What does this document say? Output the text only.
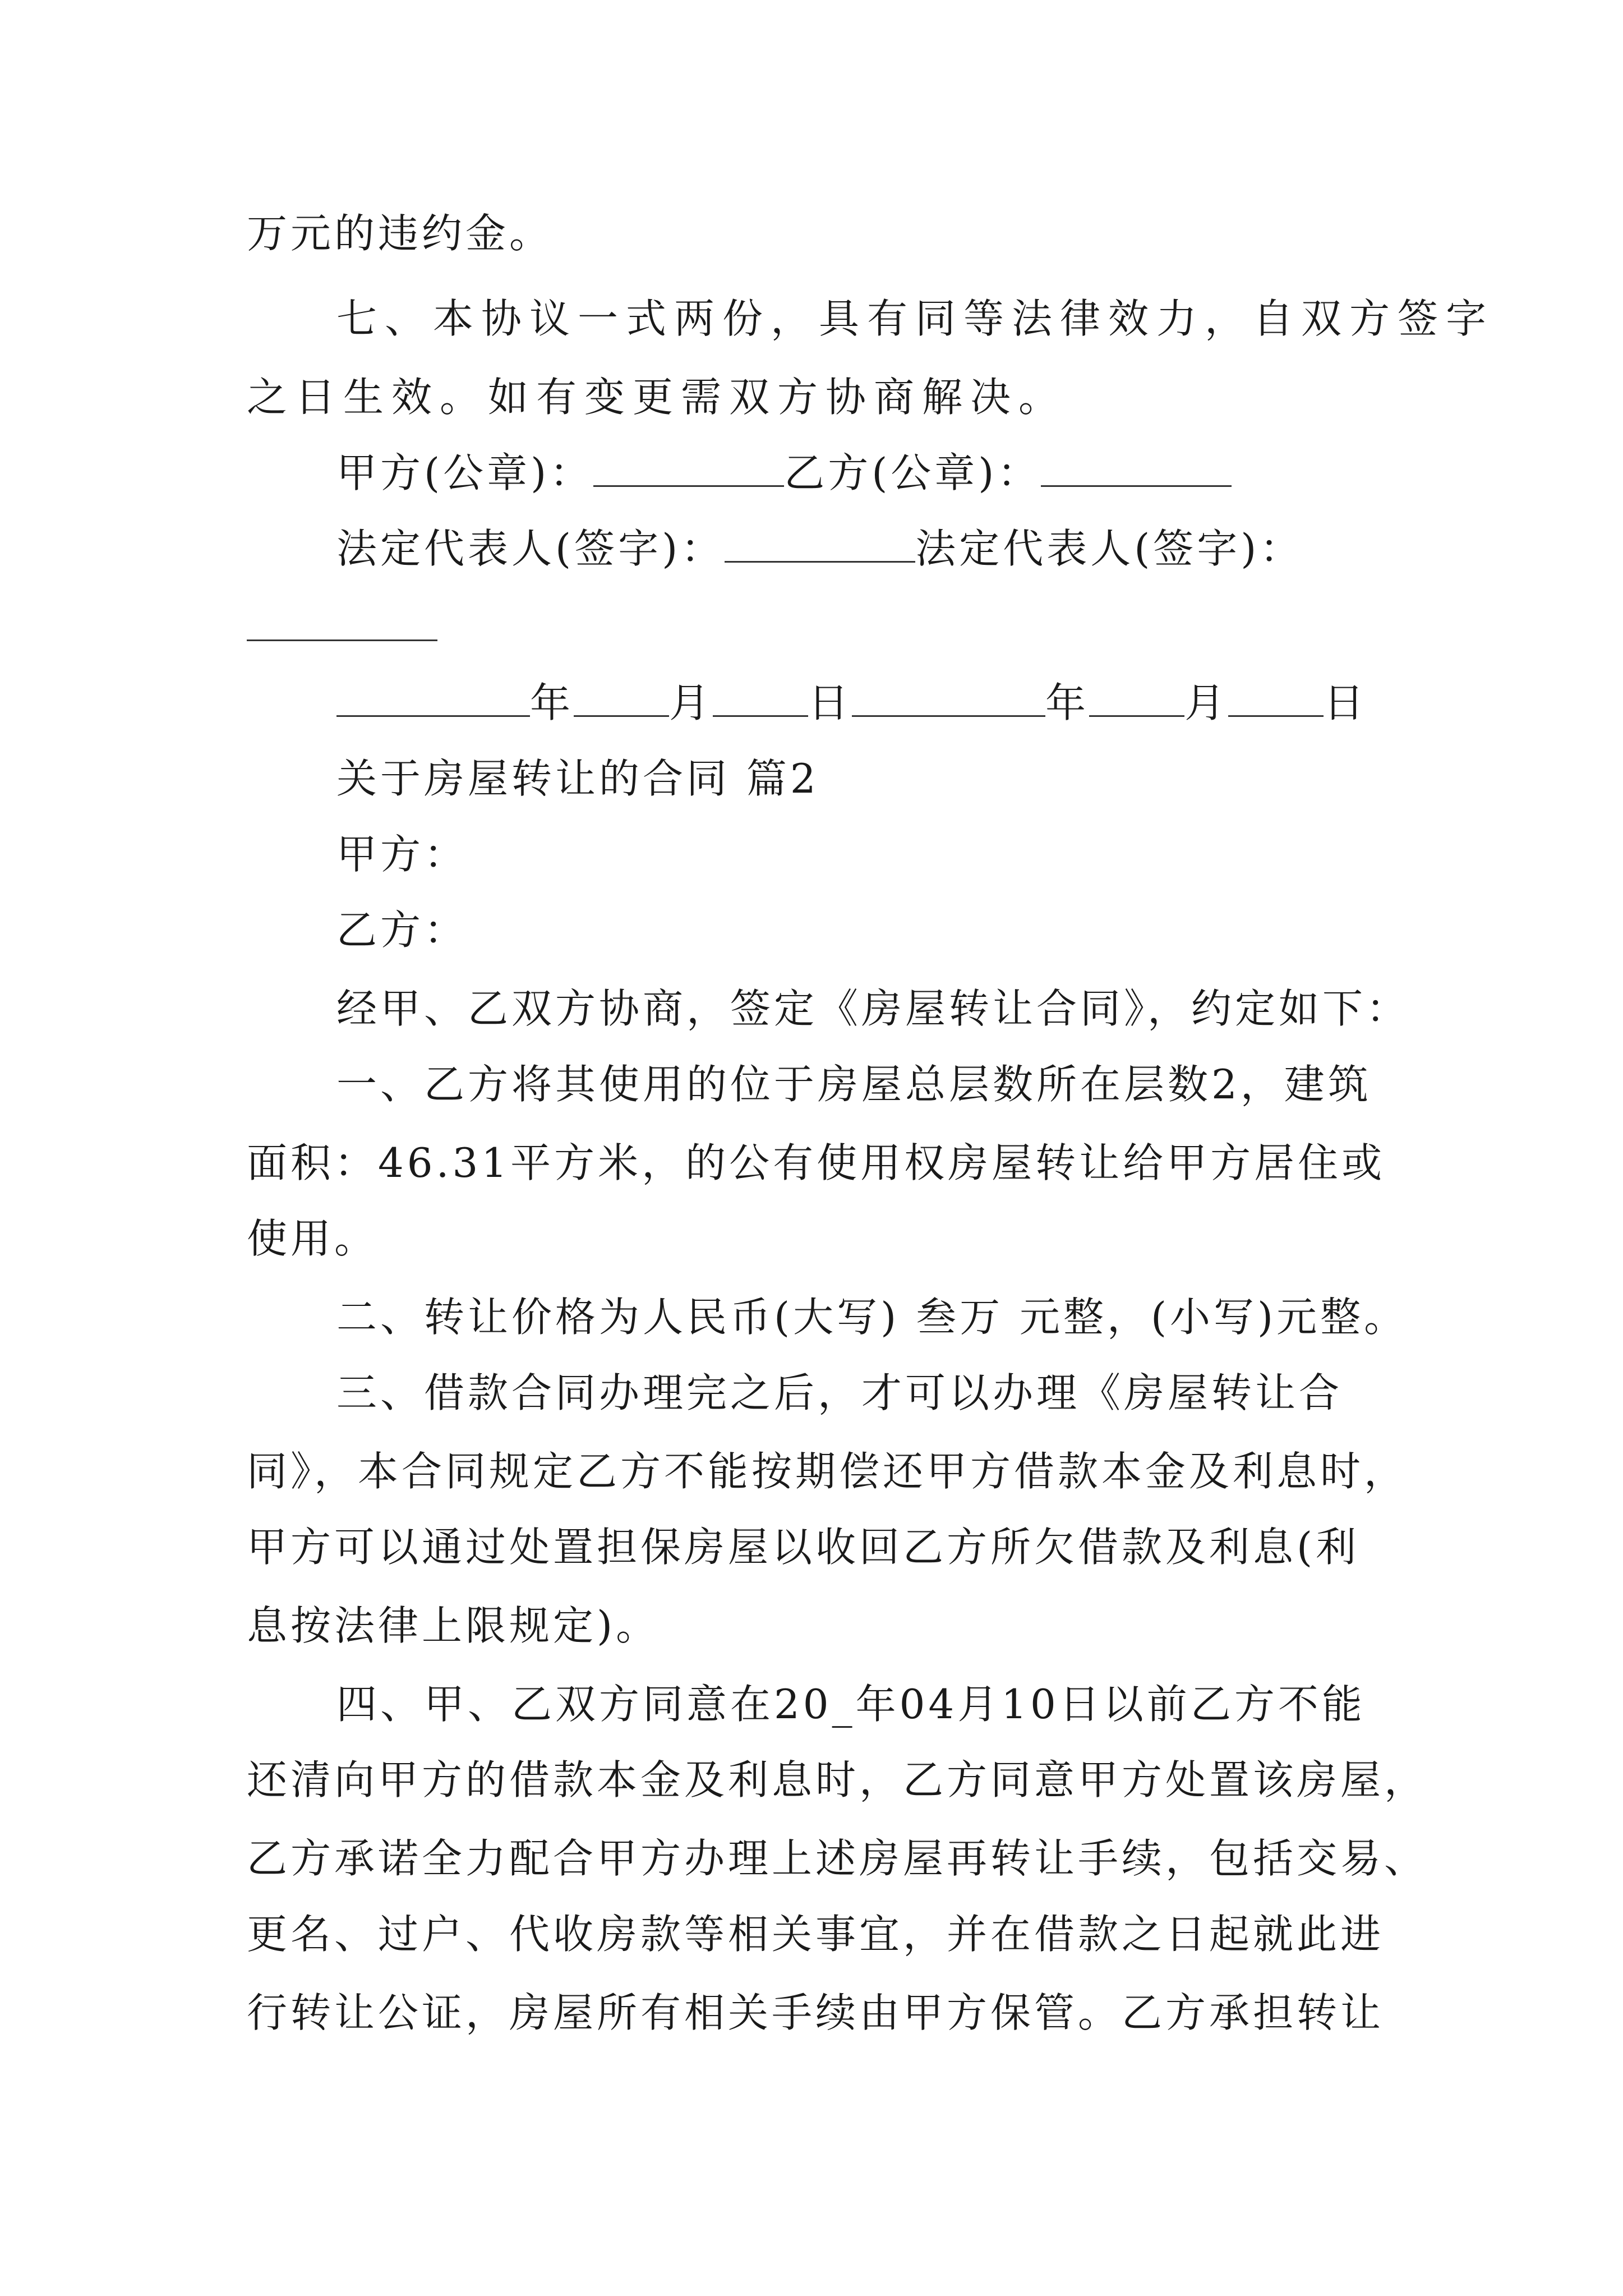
万元的违约金。
七、本协议一式两份，具有同等法律效力，自双方签字
之日生效。如有变更需双方协商解决。
甲方(公章)：	乙方(公章)：
法定代表人(签字)：	法定代表人(签字)：
年 月 日	年 月 日
关于房屋转让的合同 篇2
甲方：
乙方：
经甲、乙双方协商，签定《房屋转让合同》，约定如下：
一、乙方将其使用的位于房屋总层数所在层数2，建筑
面积：46.31平方米，的公有使用权房屋转让给甲方居住或
使用。
二、转让价格为人民币(大写) 叁万 元整，(小写)元整。
三、借款合同办理完之后，才可以办理《房屋转让合
同》，本合同规定乙方不能按期偿还甲方借款本金及利息时，
甲方可以通过处置担保房屋以收回乙方所欠借款及利息(利
息按法律上限规定)。
四、甲、乙双方同意在20_年04月10日以前乙方不能
还清向甲方的借款本金及利息时，乙方同意甲方处置该房屋，
乙方承诺全力配合甲方办理上述房屋再转让手续，包括交易、
更名、过户、代收房款等相关事宜，并在借款之日起就此进
行转让公证，房屋所有相关手续由甲方保管。乙方承担转让
